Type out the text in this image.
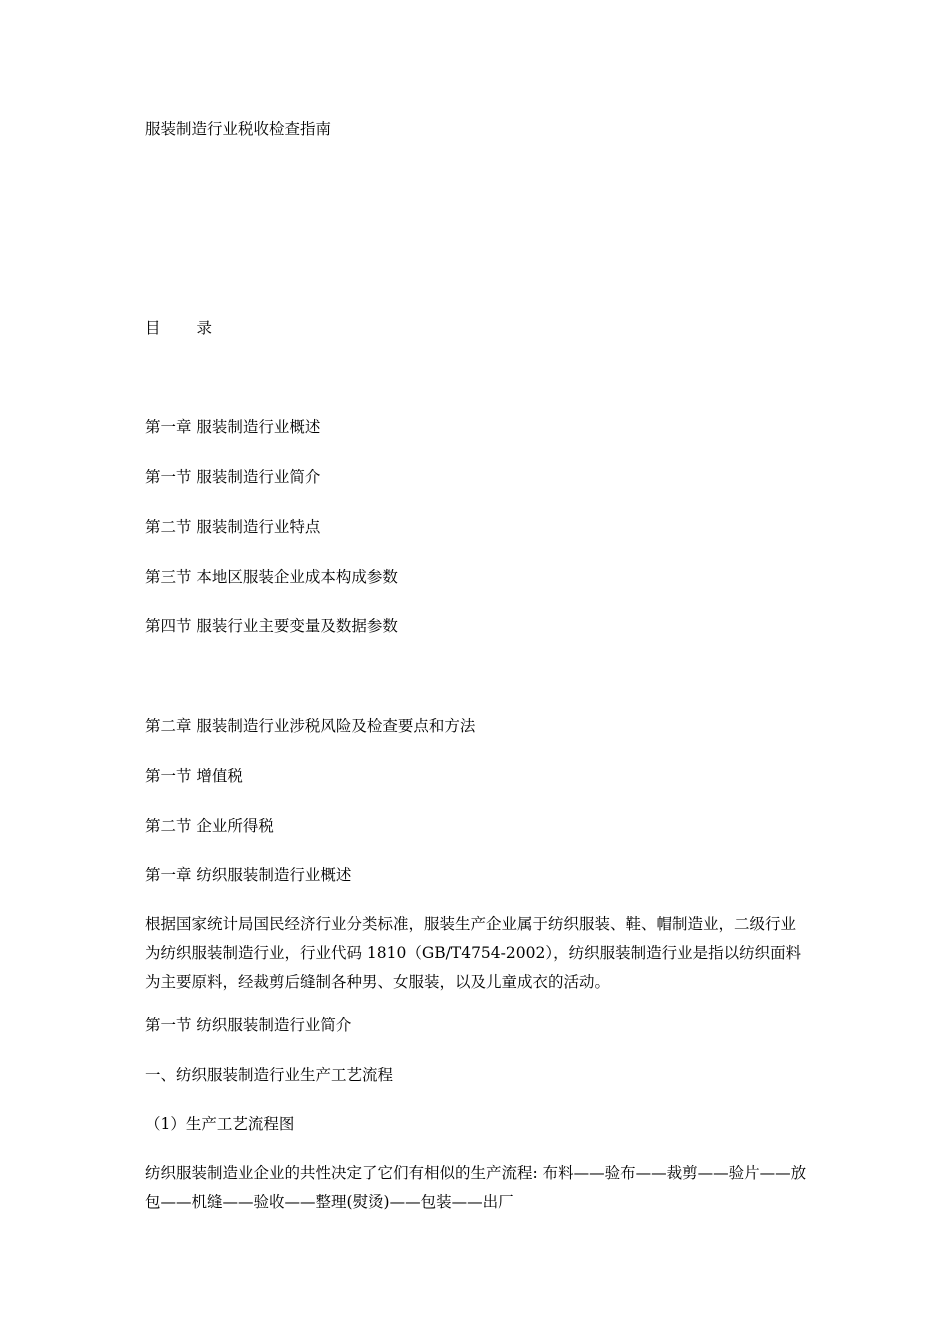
服装制造行业税收检查指南

目 录

第一章 服装制造行业概述

第一节 服装制造行业简介

第二节 服装制造行业特点

第三节 本地区服装企业成本构成参数

第四节 服装行业主要变量及数据参数

第二章 服装制造行业涉税风险及检查要点和方法

第一节 增值税

第二节 企业所得税

第一章 纺织服装制造行业概述

根据国家统计局国民经济行业分类标准，服装生产企业属于纺织服装、鞋、帽制造业，二级行业为纺织服装制造行业，行业代码 1810（GB/T4754-2002），纺织服装制造行业是指以纺织面料为主要原料，经裁剪后缝制各种男、女服装，以及儿童成衣的活动。

第一节 纺织服装制造行业简介

一、纺织服装制造行业生产工艺流程

（1）生产工艺流程图

纺织服装制造业企业的共性决定了它们有相似的生产流程: 布料——验布——裁剪——验片——放包——机缝——验收——整理(熨烫)——包装——出厂
